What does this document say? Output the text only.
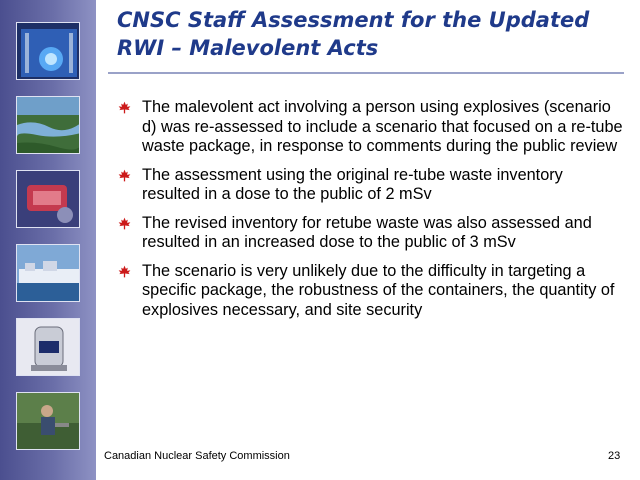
CNSC Staff Assessment for the Updated
RWI – Malevolent Acts
The malevolent act involving a person using explosives (scenario d) was re-assessed to include a scenario that focused on a re-tube waste package, in response to comments during the public review
The assessment using the original re-tube waste inventory resulted in a dose to the public of 2 mSv
The revised inventory for retube waste was also assessed and resulted in an increased dose to the public of 3 mSv
The scenario is very unlikely due to the difficulty in targeting a specific package, the robustness of the containers, the quantity of explosives necessary, and site security
Canadian Nuclear Safety Commission	23
